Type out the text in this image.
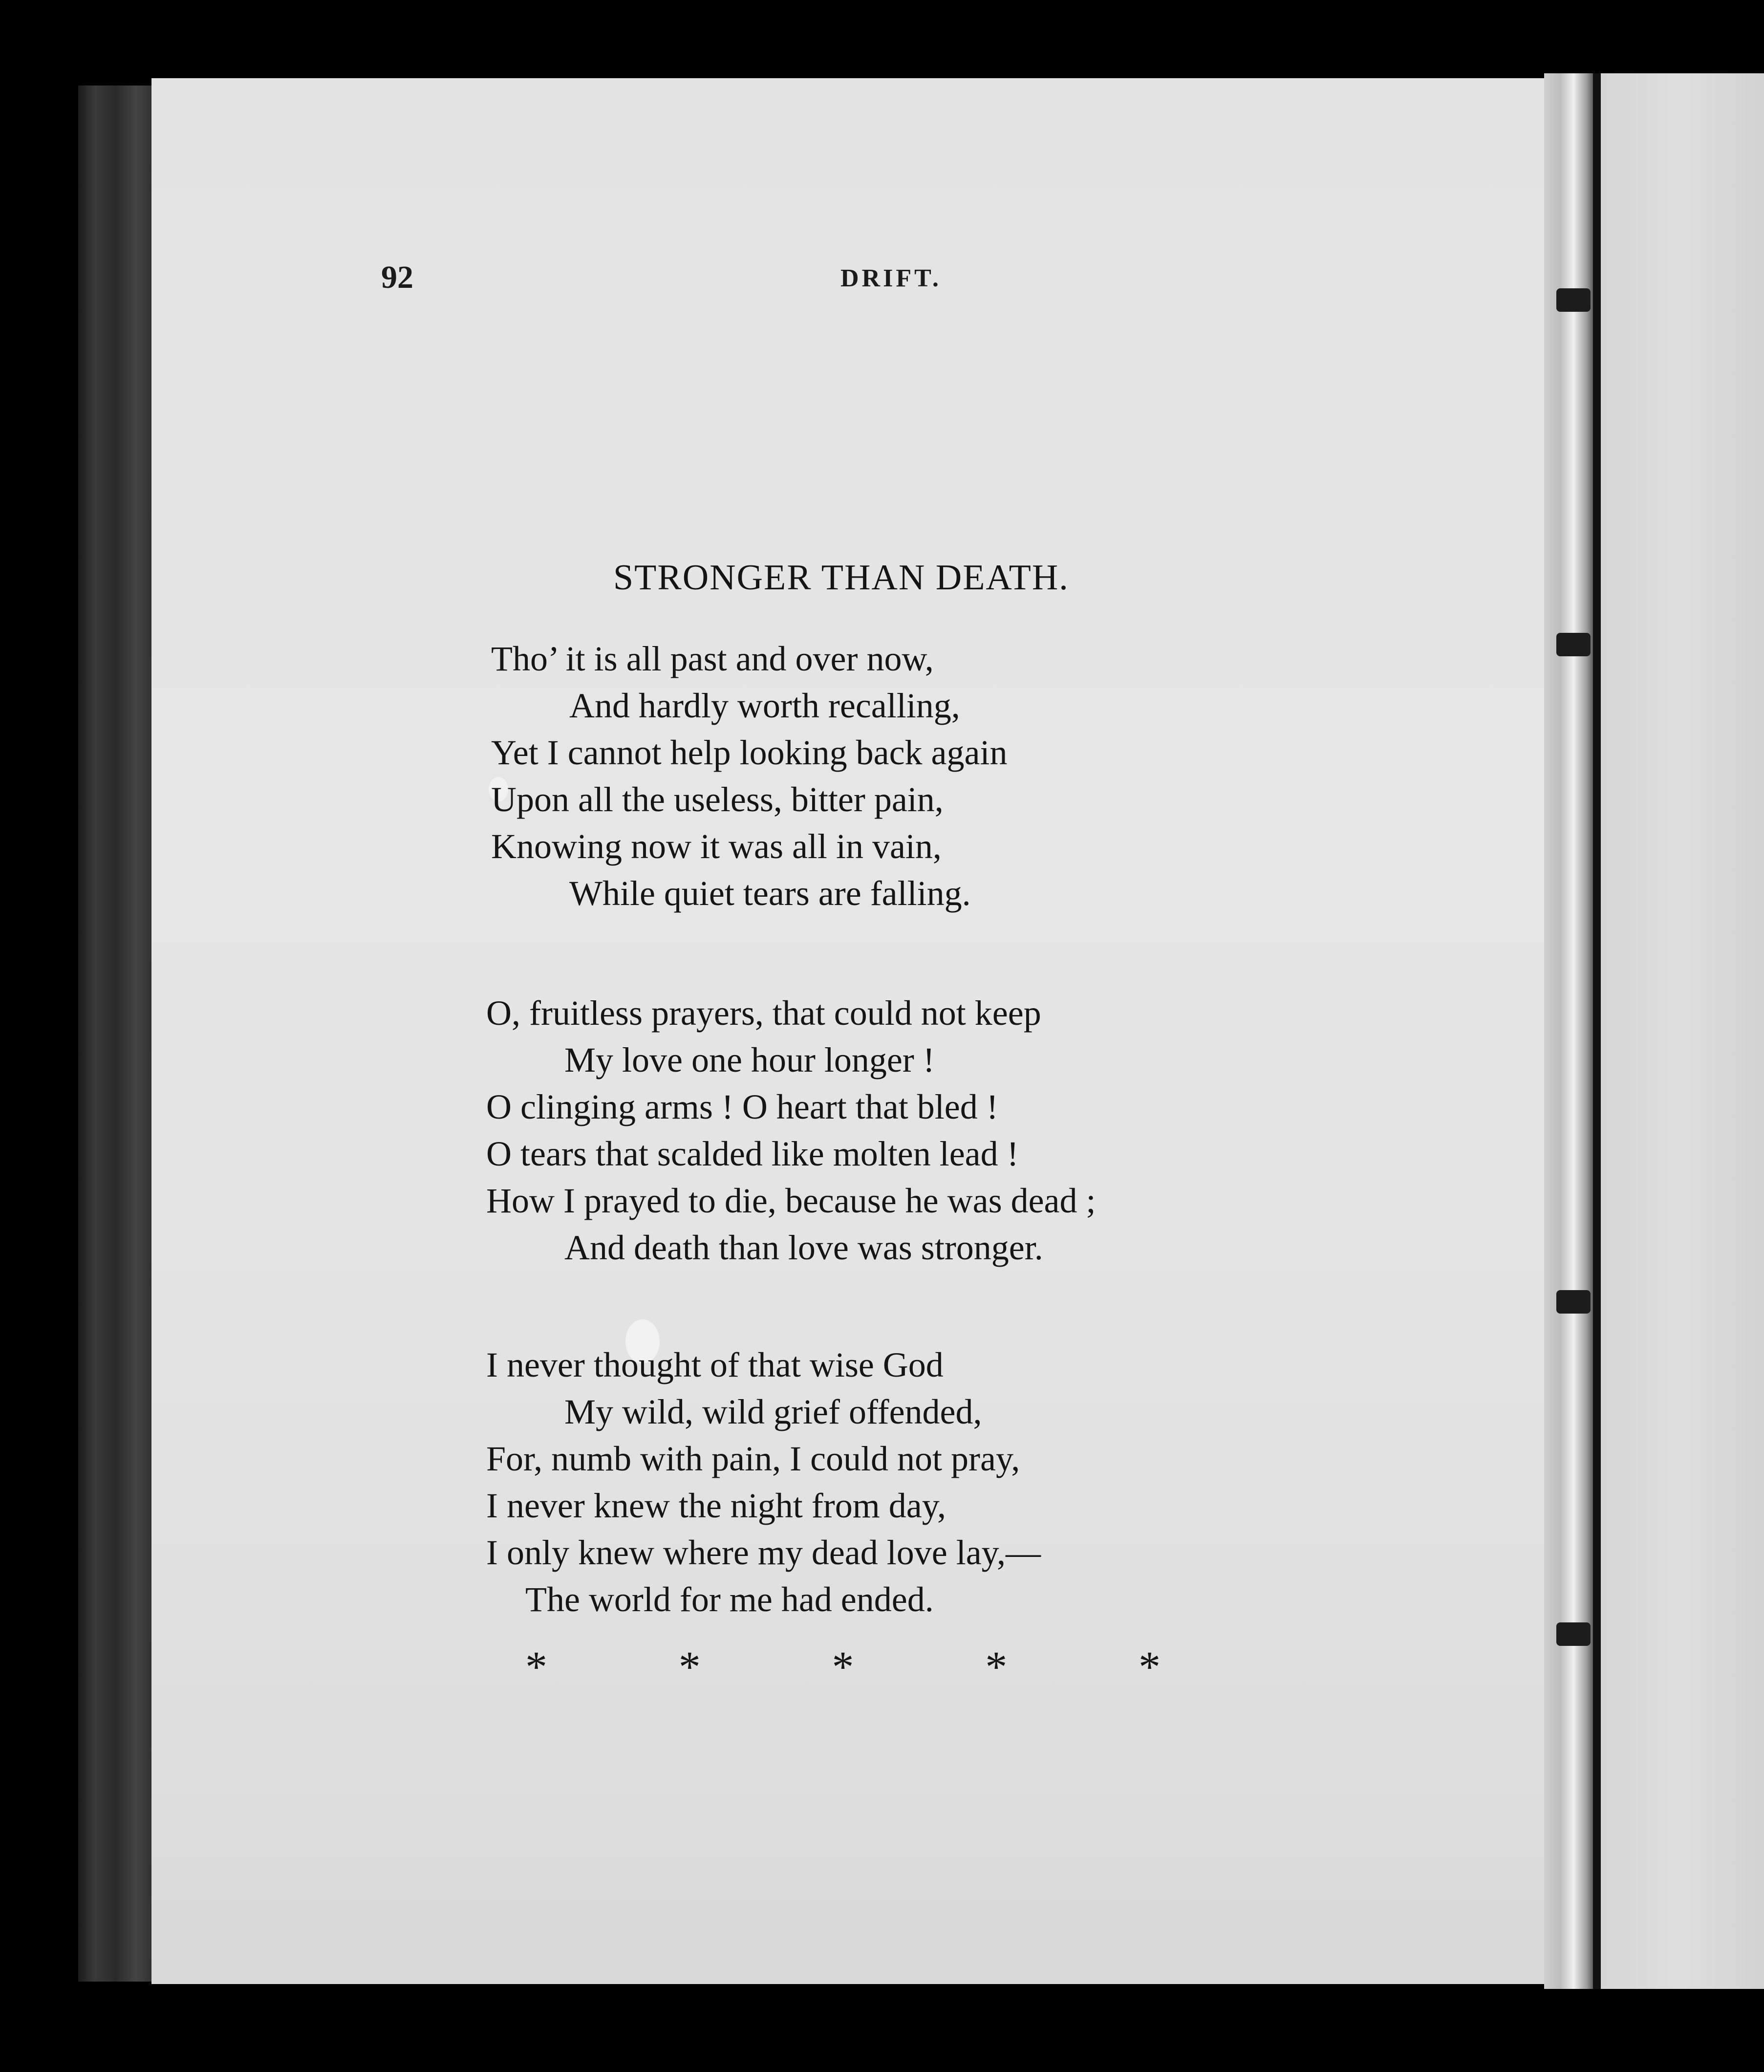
92	DRIFT.
STRONGER THAN DEATH.
Tho’ it is all past and over now,
And hardly worth recalling,
Yet I cannot help looking back again
Upon all the useless, bitter pain,
Knowing now it was all in vain,
While quiet tears are falling.
O, fruitless prayers, that could not keep
My love one hour longer !
O clinging arms ! O heart that bled !
O tears that scalded like molten lead !
How I prayed to die, because he was dead ;
And death than love was stronger.
I never thought of that wise God
My wild, wild grief offended,
For, numb with pain, I could not pray,
I never knew the night from day,
I only knew where my dead love lay,—
The world for me had ended.
*	*	*	*	*
